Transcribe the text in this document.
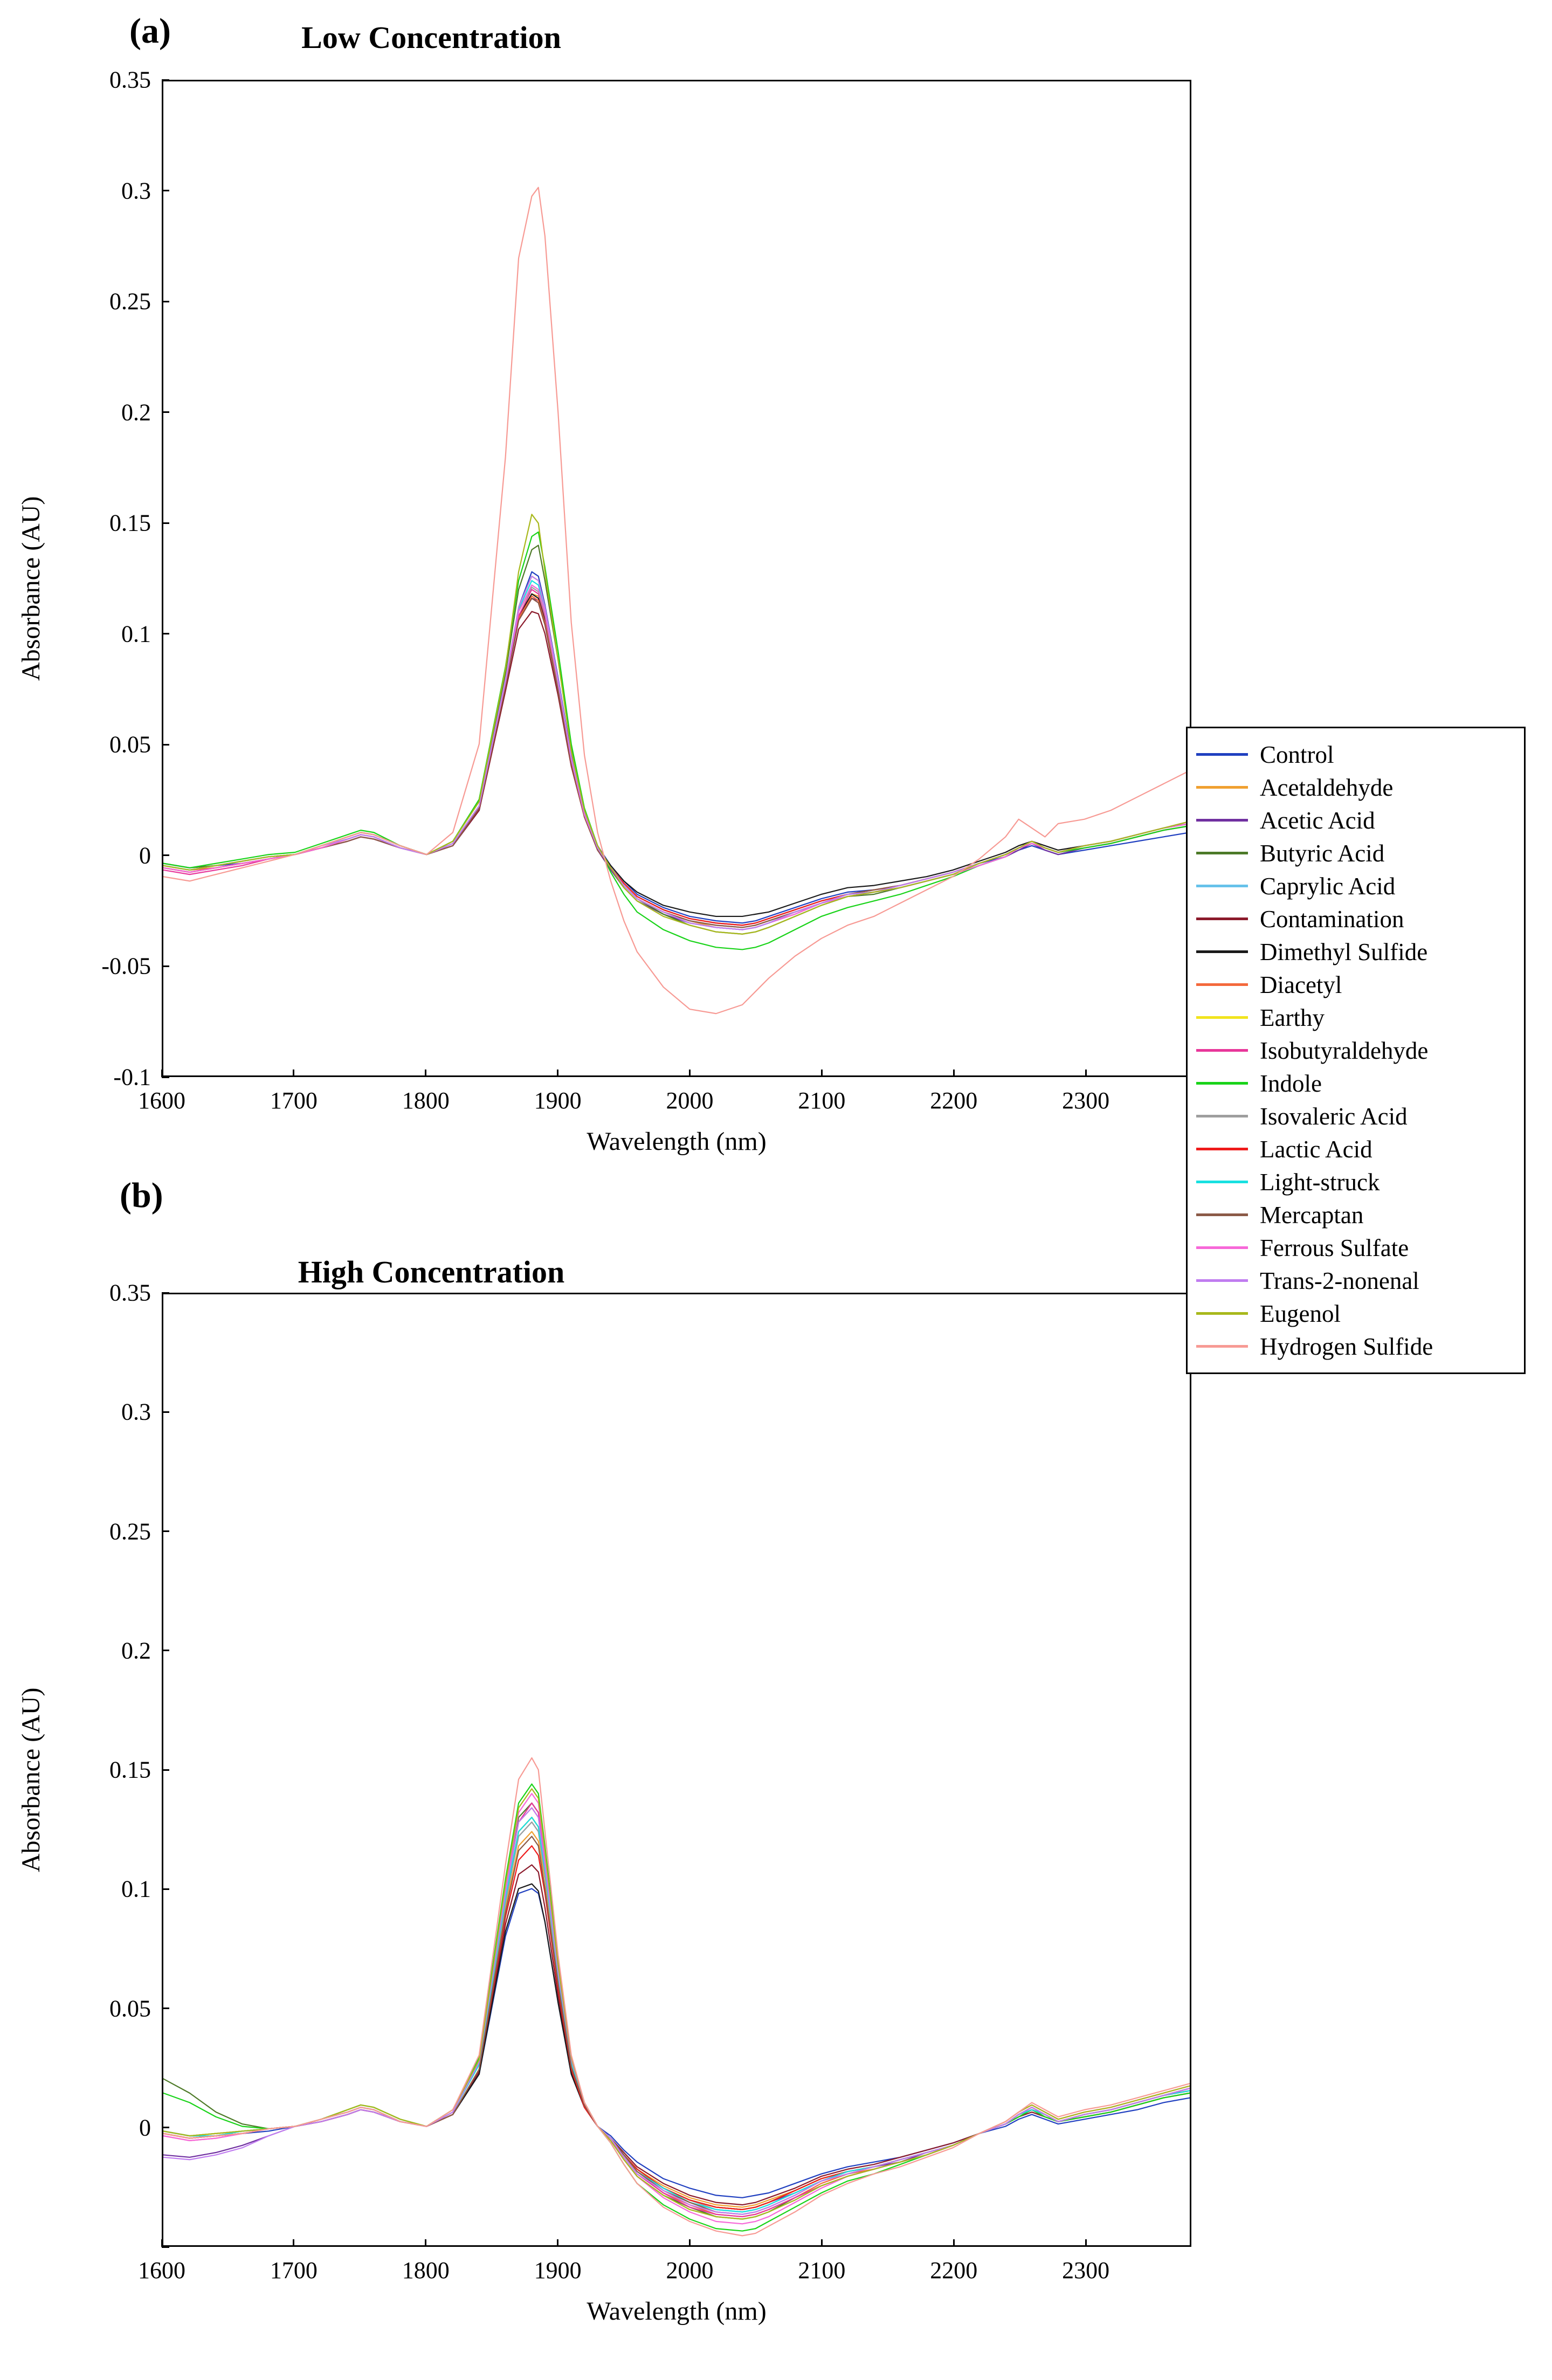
(a)
(b)
Low Concentration
Wavelength (nm)
Absorbance (AU)
-0.1
-0.05
0
0.05
0.1
0.15
0.2
0.25
0.3
0.35
1600	1700	1800	1900	2000	2100	2200	2300
High Concentration
Wavelength (nm)
Absorbance (AU)
0
0.05
0.1
0.15
0.2
0.25
0.3
0.35
1600	1700	1800	1900	2000	2100	2200	2300
Control
Acetaldehyde
Acetic Acid
Butyric Acid
Caprylic Acid
Contamination
Dimethyl Sulfide
Diacetyl
Earthy
Isobutyraldehyde
Indole
Isovaleric Acid
Lactic Acid
Light-struck
Mercaptan
Ferrous Sulfate
Trans-2-nonenal
Eugenol
Hydrogen Sulfide
